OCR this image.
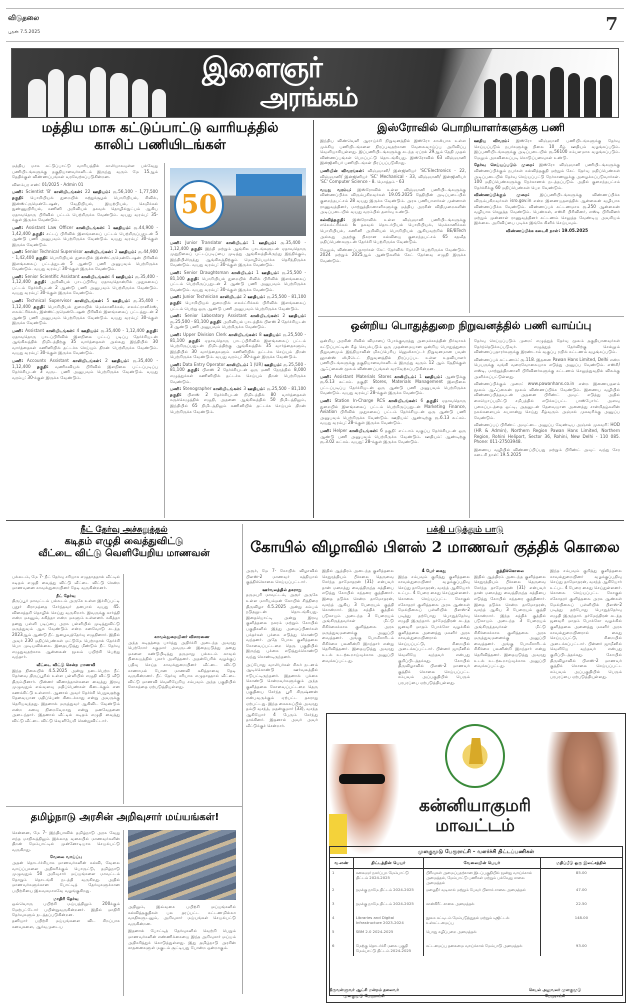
விடுதலை
புதன் 7.5.2025	7
இளைஞர்
அரங்கம்
மத்திய மாசு கட்டுப்பாட்டு வாரியத்தில்
காலிப் பணியிடங்கள்

மத்திய மாசு கட்டுப்பாட்டு வாரியத்தில் காலியாகவுள்ள பல்வேறு பணியிடங்களுக்கு தகுதியானவர்களிடம் இருந்து வரும் மே 15ஆம் தேதிக்குள் விண்ணப்பங்கள் வரவேற்கப்படுகின்றன.

விளம்பர எண்: 01/2025 - Admin 01

பணி: Scientist 'B' காலியிடங்கள்: 22 ஊதியம்: ரூ.56,100 - 1,77,500 தகுதி: பொறியியல் துறையில் சுற்றுச்சூழல் பொறியியல், சிவில், இன்ஸ்ட்ருமென்டேஷன், வேதியியல், இயற்பியல், கெமிக்கல் நுண்ணுயிரியல், கணினி அறிவியல் தகவல் தொழில்நுட்பம் ஆகிய ஏதாவதொரு பிரிவில் பட்டம் பெற்றிருக்க வேண்டும். வயது வரம்பு: 35-க்குள் இருக்க வேண்டும்.

பணி: Assistant Law Officer காலியிடங்கள்: 1 ஊதியம்: ரூ.44,900 - 1,42,400 தகுதி: சட்டப் பிரிவில் இளங்கலைப் பட்டம் பெற்றிருப்பதுடன் 5 ஆண்டு பணி அனுபவம் பெற்றிருக்க வேண்டும். வயது வரம்பு: 30-க்குள் இருக்க வேண்டும்.

பணி: Senior Technical Supervisor காலியிடங்கள்: 2 ஊதியம்: ரூ.44,900 - 1,42,400 தகுதி: பொறியியல் துறையில் இன்ஸ்ட்ருமென்டேஷன் பிரிவில் இளங்கலைப் பட்டத்துடன் 5 ஆண்டு பணி அனுபவம் பெற்றிருக்க வேண்டும். வயது வரம்பு: 30-க்குள் இருக்க வேண்டும்.

பணி: Senior Scientific Assistant காலியிடங்கள்: 4 ஊதியம்: ரூ.35,400 - 1,12,400 தகுதி: அறிவியல் பாடப்பிரிவு ஏதாவதொன்றில் முதுகலைப் பட்டம் தேர்ச்சியுடன் 2 ஆண்டு பணி அனுபவம் பெற்றிருக்க வேண்டும். வயது வரம்பு: 30-க்குள் இருக்க வேண்டும்.

பணி: Technical Supervisor காலியிடங்கள்: 5 ஊதியம்: ரூ.35,400 - 1,12,400 தகுதி: பொறியியல் துறையில் மெக்கானிக்கல், எலக்ட்ரானிக்ஸ், எலக்ட்ரிக்கல், இன்ஸ்ட்ருமென்டேஷன் பிரிவில் இளங்கலைப் பட்டத்துடன் 2 ஆண்டு பணி அனுபவம் பெற்றிருக்க வேண்டும். வயது வரம்பு: 30-க்குள் இருக்க வேண்டும்.

பணி: Assistant காலியிடங்கள்: 4 ஊதியம்: ரூ.35,400 - 1,12,400 தகுதி: ஏதாவதொரு பாடப்பிரிவில் இளநிலை பட்டப் படிப்பு தேர்ச்சியுடன் ஆங்கிலத்தில் நிமிடத்திற்கு 35 வார்த்தைகள் அல்லது இந்தியில் 30 வார்த்தைகள் கணினியில் தட்டச்சு செய்யும் திறன் பெற்றிருக்க வேண்டும். வயது வரம்பு: 30-க்குள் இருக்க வேண்டும்.

பணி: Accounts Assistant காலியிடங்கள்: 2 ஊதியம்: ரூ.35,400 - 1,12,400 தகுதி: வணிகவியல் பிரிவில் இளநிலை பட்டப்படிப்பு தேர்ச்சியுடன் 3 வருட பணி அனுபவம் பெற்றிருக்க வேண்டும். வயது வரம்பு: 30-க்குள் இருக்க வேண்டும்.

50

பணி: Junior Translator காலியிடம்: 1 ஊதியம்: ரூ.35,400 - 1,12,400 தகுதி: இந்தி மற்றும் ஆங்கில பாடங்களுடன் ஏதாவதொரு முதுநிலைப் பட்டப்படிப்பை முடித்து ஆங்கிலத்திலிருந்து இந்திக்கும், இந்தியிலிருந்து ஆங்கிலத்திற்கும் மொழிபெயர்க்க தெரிந்திருக்க வேண்டும். வயது வரம்பு: 30-க்குள் இருக்க வேண்டும்.

பணி: Senior Draughtsman காலியிடம்: 1 ஊதியம்: ரூ.25,500 - 81,100 தகுதி: பொறியியல் துறையில் சிவில் பிரிவில் இளங்கலைப் பட்டம் பெற்றிருப்பதுடன் 2 ஆண்டு பணி அனுபவம் பெற்றிருக்க வேண்டும். வயது வரம்பு: 30-க்குள் இருக்க வேண்டும்.

பணி: Junior Technician காலியிடம்: 2 ஊதியம்: ரூ.25,500 - 81,100 தகுதி: பொறியியல் துறையில் எலக்ட்ரிக்கல் பிரிவில் இளங்கலைப் பட்டம் பெற்று ஒரு ஆண்டு பணி அனுபவம் பெற்றிருக்க வேண்டும்.

பணி: Senior Laboratory Assistant காலியிடங்கள்: 2 ஊதியம்: ரூ.25,500 - 81,100 தகுதி: அறிவியல் பாடத்தில் பிளஸ் 2 தேர்ச்சியுடன் 3 ஆண்டு பணி அனுபவம் பெற்றிருக்க வேண்டும்.

பணி: Upper Division Clerk காலியிடங்கள்: 8 ஊதியம்: ரூ.25,500 - 81,100 தகுதி: ஏதாவதொரு பாடப்பிரிவில் இளங்கலைப் பட்டம் பெற்றிருப்பதுடன் நிமிடத்திற்கு ஆங்கிலத்தில் 35 வார்த்தைகளும், இந்தியில் 30 வார்த்தைகளும் கணினியில் தட்டச்சு செய்யும் திறன் பெற்றிருக்க வேண்டும். வயது வரம்பு: 30-க்குள் இருக்க வேண்டும்.

பணி: Data Entry Operator காலியிடம்: 1 (UR) ஊதியம்: ரூ.25,500 - 81,100 தகுதி: பிளஸ் 2 தேர்ச்சியுடன் ஒரு மணி நேரத்தில் 8,000 எழுத்துக்கள் கணினியில் தட்டச்சு செய்யும் திறன் பெற்றிருக்க வேண்டும்.

பணி: Stenographer காலியிடங்கள்: 3 ஊதியம்: ரூ.25,500 - 81,100 தகுதி: பிளஸ் 2 தேர்ச்சியுடன் நிமிடத்தில் 80 வார்த்தைகள் சுருக்கெழுத்தில் எழுதி, அதனை ஆங்கிலத்தில் 50 நிமிடத்திலும், இந்தியில் 65 நிமிடத்திலும் கணினியில் தட்டச்சு செய்யும் திறன் பெற்றிருக்க வேண்டும்.

இஸ்ரோவில் பொறியாளர்களுக்கு பணி

இந்திய விண்வெளி ஆராய்ச்சி நிறுவனத்தில் இஸ்ரோ காலியாக உள்ள முக்கிய பணியிடங்களை நிரப்புவதற்கான வேலைவாய்ப்பு அறிவிப்பு வெளியாகியுள்ளது. இப்பணியிடங்களுக்கு கடந்த ஏப்ரல் 29ஆம் தேதி முதல் விண்ணப்பங்கள் பெறப்பட்டு தொடங்கியது. இஸ்ரோவில் 63 விஞ்ஞானி இன்ஜினியர் பணியிடங்கள் நிரப்பப்படுகிறது.

பணியின் விவரங்கள்: விஞ்ஞானி/ இன்ஜினியர் 'SC'Electronics - 22, விஞ்ஞானி/ இன்ஜினியர் 'SC' Mechanical - 33, விஞ்ஞானி/ இன்ஜினியர் 'SC' Computer Science - 8. மொத்தம் - 63

வயது வரம்பு: இஸ்ரோவில் உள்ள விஞ்ஞானி பணியிடங்களுக்கு விண்ணப்பிக்க விரும்புகிறவர்கள் 19.05.2025 தேதியின் அடிப்படையில் குறைந்தபட்சம் 28 வயது இருக்க வேண்டும். அரசு பணியாளர்கள் முன்னாள் ராணுவத்தினர், மாற்றுத்திறனாளிகளுக்கு மத்திய அரசின் விதிமுறைகளின் அடிப்படையில் வயது வரம்பில் தளர்வு உண்டு.

கல்வித்தகுதி: இஸ்ரோவில் உள்ள விஞ்ஞானி பணியிடங்களுக்கு எலெக்ட்ரிக்கல் & தகவல் தொடர்பியல் பொறியியல், மெக்கானிக்கல் பொறியியல், கணினி அறிவியல் பொறியியல் ஆகியவற்றில் BE/BTech அல்லது அதற்கு நிகரான கல்வியை குறைந்தபட்சம் 65 சதவீத மதிப்பெண்களுடன் தேர்ச்சி பெற்றிருக்க வேண்டும்.

மேலும், விண்ணப்பதாரர்கள் கேட் தேர்வில் தேர்ச்சி பெற்றிருக்க வேண்டும். 2024 மற்றும் 2025ஆம் ஆண்டுகளில் கேட் தேர்வை எழுதி இருக்க வேண்டும்.

ஊதிய விவரம்: இஸ்ரோ விஞ்ஞானி பணியிடங்களுக்கு தேர்வு செய்யப்படும் நபர்களுக்கு நிலை 10 கீழ் ஊதியம் வழங்கப்படும். இப்பணியிடங்களுக்கு அடிப்படையில் ரூ.56100 சம்பளமாக வழங்கப்படும். மேலும் அகவிலைப்படி கொடுப்பனவுகள் உண்டு.

தேர்வு செய்யப்படும் முறை: இஸ்ரோ விஞ்ஞானி பணியிடங்களுக்கு விண்ணப்பிக்கும் நபர்கள் கல்வித்தகுதி மற்றும் கேட் தேர்வு மதிப்பெண்கள் அடிப்படையில் தேர்வு செய்யப்பட்டு நேர்காணலுக்கு அழைக்கப்படுவார்கள். 100 மதிப்பெண்களுக்கு நேர்காணல் நடத்தப்படும். அதில் குறைந்தபட்சம் தேர்ச்சிக்கு 60 மதிப்பெண்கள் பெற வேண்டும்.

விண்ணப்பிக்கும் முறை: இப்பணியிடங்களுக்கு விண்ணப்பிக்க விரும்புகிறவர்கள் isro.gov.in என்ற இணையதளத்தில் ஆன்லைன் வழியாக விண்ணப்பிக்க வேண்டும். விண்ணப்பக் கட்டணமாக ரூ.250 ஆன்லைன் வழியாக செலுத்த வேண்டும். பெண்கள், எஸ்சி பிரிவினர், எஸ்டி பிரிவினர் மற்றும் முன்னாள் ராணுவத்தினர் கட்டணம் செலுத்த வேண்டிய அவசியம் இல்லை. அறிவிப்பை படிக்க இங்கே கிளிக் செய்யவும்.

விண்ணப்பிக்க கடைசி நாள்: 19.05.2025

ஒன்றிய பொதுத்துறை நிறுவனத்தில் பணி வாய்ப்பு

ஒன்றிய அரசின் சிவில் விமானப் போக்குவரத்து அமைச்சகத்தின் நிர்வாகக் கட்டுப்பாட்டின் கீழ் செயல்படும் ஒரு முதன்மையான ஒன்றிய பொதுத்துறை நிறுவனமும் இந்தியாவின் மிகப்பெரிய ஹெலிகாப்டர் நிறுவனமான பவன் ஹான்ஸ் லிமிடெட் நிறுவனத்தில் நிரப்பப்பட உள்ள உதவியாளர் பணியிடங்களுக்கு தகுதியானவர்களிடம் இருந்து வரும் 12 ஆம் தேதிக்குள் ஆஃப்லைன் மூலம் விண்ணப்பங்கள் வரவேற்கப்படுகின்றன.

பணி: Assistant Materials Stores காலியிடம்: 1 ஊதியம்: ஆண்டுக்கு ரூ.6.13 லட்சம். தகுதி: Stores, Materials Management இளநிலை பட்டப்படிப்பு தேர்ச்சியுடன் ஒரு ஆண்டு பணி அனுபவம் பெற்றிருக்க வேண்டும். வயது வரம்பு: 28-க்குள் இருக்க வேண்டும்.

பணி: Station In-Charge RCS காலியிடங்கள்: 6 தகுதி: ஏதாவதொரு துறையில் இளங்கலைப் பட்டம் பெற்றிருப்பதுடன் Marketing Finance, Aviation பிரிவில் முதுகலைப் பட்டம் தேர்ச்சியுடன் ஒரு ஆண்டு பணி அனுபவம் பெற்றிருக்க வேண்டும். ஊதியம்: ஆண்டிற்கு ரூ.6.13 லட்சம். வயது வரம்பு: 28-க்குள் இருக்க வேண்டும்.

பணி: Helper காலியிடங்கள்: 6 தகுதி: எட்டாம் வகுப்பு தேர்ச்சியுடன் ஒரு ஆண்டு பணி அனுபவம் பெற்றிருக்க வேண்டும். ஊதியம்: ஆண்டிற்கு ரூ.3.02 லட்சம். வயது: 28-க்குள் இருக்க வேண்டும்.

தேர்வு செய்யப்படும் முறை: எழுத்துத் தேர்வு மூலம் தகுதியானவர்கள் தேர்ந்தெடுக்கப்படுவர். எழுத்துத் தேர்விற்கு செல்லும் விண்ணப்பதாரர்களுக்கு இரண்டாம் வகுப்பு ரயில் கட்டணம் வழங்கப்படும்.

விண்ணப்பக் கட்டணம்: ரூ.118. இதனை Pawan Hans Limited, Delhi என்ற பெயருக்கு வங்கி வரைவோலையாக எடுத்து அனுப்ப வேண்டும். எஸ்சி/எஸ்டி, மாற்றுத்திறனாளி பிரிவினர்களுக்கு கட்டணம் செலுத்துவதில் விலக்கு அளிக்கப்பட்டுள்ளது.

விண்ணப்பிக்கும் முறை: www.pawanhans.co.in என்ற இணையதளம் மூலம் ஆஃப்லைன் மூலம் விண்ணப்பிக்க வேண்டும். இணைய வழியில் விண்ணப்பித்தவுடன் அதனை பிரிண்ட் அவுட் எடுத்து அதில் கையொப்பமிட்டு சமீபத்தில் எடுக்கப்பட்ட பாஸ்போர்ட் அளவு புகைப்படத்தை ஒட்டி, அதனுடன் தேவையான அனைத்து சான்றிதழ்களின் நகல்களையும் சுயசான்று செய்து கீழ்வரும் அஞ்சல் முகவரிக்கு அனுப்ப வேண்டும்.

விண்ணப்பப் பிரிண்ட் அவுட்டை அனுப்ப வேண்டிய அஞ்சல் முகவரி: HOD (HR & Admin), Northern Region Pawan Hans Limited, Northern Region, Rohini Heliport, Sector 36, Rohini, New Delhi - 110 085. Phone: 011-27503948.

இணைய வழியில் விண்ணப்பிப்பது மற்றும் பிரிண்ட் அவுட் வந்து சேர கடைசி நாள்: 19.5.2025

நீட் தேர்வு அச்சுறுத்தல்
கடிதம் எழுதி வைத்துவிட்டு
வீட்டை விட்டு வெளியேறிய மாணவன்

பல்லடம், மே 7- நீட் தேர்வு சரியாக எழுதாததால் வீட்டில் கடிதம் எழுதி வைத்து விட்டு வீட்டை விட்டு சென்ற மாணவனை காவல்துறையினர் தேடி வருகின்றனர்.

நீட் தேர்வு

திருப்பூர் மாவட்டம் பல்லடம் அருகே உள்ள இச்சிப்பட்டி புதூர் கிராமத்தை சேர்ந்தவர் தனபால் வயது 45. விசைத்தறி தொழில் செய்து வருகிறார். இவருக்கு கார்த்தி என்ற மகனும், சுகித்தா என்ற மகளும் உள்ளனர். சுகித்தா தனது பள்ளி படிப்பை அரசு பள்ளியில் முடித்துவிட்டு மருத்துவம் ஆக வேண்டும் என்ற கனவோடு கடந்த 2023ஆம் ஆண்டு நீட் நுழைவுத்தேர்வு எழுதினார். இதில் அவர் 230 மதிப்பெண்கள் மட்டுமே பெற்றதால் தேர்ச்சி பெற முடியவில்லை. இதையடுத்து மீண்டும் நீட் தேர்வு எழுதுவதற்காக ஆன்லைன் மூலம் பயிற்சி பெற்று வந்தார்.

வீட்டை விட்டு சென்ற மாணவி

இந்த நிலையில் 4.5.2025 அன்று நடைபெற்ற நீட் தேர்வை திருப்பூரில் உள்ள பள்ளியில் எழுதி விட்டு வீடு திரும்பினார். பின்னர் வினாத்தாள்களை வைத்து இரவு முழுவதும் எவ்வளவு மதிப்பெண்கள் கிடைக்கும் என கணக்கிட்டு உள்ளார். ஆனால் அவர் தேர்ச்சி பெறுவதற்கு தேவையான மதிப்பெண் கிடைக்காது என்று அவருக்கு தெரியவந்தது. இதனால் மருத்துவர் ஆகிவிட வேண்டும் என்ற கனவு நிறைவேறாது என்று மனவேதனை அடைந்தார். இதனால் வீட்டில் கடிதம் எழுதி வைத்து விட்டு வீட்டை விட்டு வெளியேறி சென்றுவிட்டார்.

காவல்துறையினர் விசாரணை

அந்த கடிதத்தை பார்த்து அதிர்ச்சி அடைந்த அவரது பெற்றோர் சுகுமார் அவருடன் இதையடுத்து தனது மகளை கண்டுபிடித்து தருமாறு பல்லடம் காவல் நிலையத்தில் புகார் அளித்தனர். அதன்பேரில் வழக்குப் பதிவு செய்த காவல்துறையினர் வீட்டை விட்டு காணாமல் போன மாணவி சுகித்தாவை தேடி வருகின்றனர். நீட் தேர்வு சரியாக எழுதாததால் வீட்டை விட்டு மாணவி வெளியேறிய சம்பவம் அந்த பகுதியில் சோகத்தை ஏற்படுத்தியுள்ளது.

தமிழ்நாடு அரசின் அறிவுசார் மய்யங்கள்!

சென்னை, மே 7- இந்தியாவில் தமிழ்நாடு அரசு வேறு எந்த மாநிலத்திலும் இல்லாத வகையில் மாணவர்களின் திறன் மேம்பாட்டில் முன்னோடியாக செயல்பட்டு வருகிறது.

வேலை வாய்ப்பு

அதன் தொடர்ச்சியாக மாணவர்களின் கல்வி, வேலை வாய்ப்புகளை அதிகரிக்கும் பொருட்டு, தமிழ்நாடு முழுவதும் 50 அறிவுசார் மய்யங்களை மாவட்டம் தோறும் தொடங்கி நடத்தி வருகிறது. அதில் மாணவர்களுக்கான போட்டித் தேர்வுகளுக்கான பயிற்சியை இலவசமாகவே வழங்குகிறது.

மாதிரி தேர்வு

ஒவ்வொரு பயிற்சி மய்யத்திலும் 200க்கும் மேற்பட்டோர் பயின்றுவருகின்றனர். இதில் மாதிரி தேர்வுகளும் நடத்தப்படுகின்றன.

தனியார் பயிற்சி மய்யங்களை விட சிறப்பாக கனவுகளை, ஆர்வமுடைய

அதிலும், இவ்வகை பயிற்சி மய்யங்களில் கல்வித்தகுதிகள் பல தரப்பட்ட கட்டணமில்லா வசதிகளுடனும், அறிவுசார் மய்யங்கள் செயல்பட்டு வருகின்றன.

இதனால் போட்டித் தேர்வுகளில் வெற்றி பெறும் மாணவர்களின் எண்ணிக்கையை இந்த அறிவுசார் மய்யம் அதிகரித்துக் கொடுத்துள்ளது. இது தமிழ்நாடு அரசின் சாதனைகளுள் மகுடம் சூட்டியது போன்ற ஒன்றாகும்.

பக்தி படுத்தும் பாடு
கோயில் விழாவில் பிளஸ் 2 மாணவர் குத்திக் கொலை

அரூர், மே 7- கோயில் விழாவில் பிளஸ்-2 மாணவர் கத்தியால் குத்திக்கொலை செய்யப்பட்டார்.

ஊர்வலத்தில் தகராறு

தருமபுரி மாவட்டம், அரூர் அருகே உள்ள மாரியம்மன் கோயில் சித்திரை திருவிழா 4.5.2025 அன்று கம்பம் நடுதலுடன் தொடங்கியது. இதையொட்டி அன்று இரவு குளித்தலை நகரம் மற்றும் கோயில் பகுதிகளில் இந்து அமைப்பினர்கள் பக்தர்கள் புக்கை எடுத்து கொண்டு வந்தனர். அதே போல குளித்தலை கோவைப்பட்டறை தெரு பகுதியில் இருந்து புக்கை எடுத்துக்கொண்டு வந்து கொண்டிருந்தனர்.

அப்போது வாலிபர்கள் சிலர் நடனம் ஆடிக்கொண்டு ஊர்வலத்தில் ஈடுபட்டிருந்தனர். இதனால் புக்கை கொண்டு சென்றவர்களுக்கும் அந்த குளித்தலை கோவைப்பட்டறை தெரு பகுதியை சேர்ந்த பூரி கிருஷ்ணன் என்பவருக்கும் ஏற்பட்ட தகராறு ஏற்பட்டது. இந்த கைகலப்பில் அவரது தம்பி வசந்த், மதன்குமார் (33), வசந்த ஆகியோர் 4 பேரும் சேர்ந்து தாக்கினர். இதனால் அவர் அவர் வீட்டுக்குச் சென்றார்.

இதில் ஆத்திரம் அடைந்த குளித்தலை செதுரத்தியம் பீச்சலை தெருவை சேர்ந்த தாமோதரன் (31) என்பவர் தான் மறைத்து வைத்திருந்த கத்தியை எடுத்து கோயில் கந்தரை குத்தினார். இதை தடுக்க சென்ற தாமோதரன், வசந்த் ஆகிய 3 பேரையும் குத்தி கொன்றார். இந்த கத்திக் குத்தில் படுகாயம் அடைந்த 3 பேரையும் அங்கிருந்தவர்கள் மீட்டு சிகிச்சைக்காக குளித்தலை அரசு மருத்துவமனைக்கு அனுப்பி வைத்தனர். அங்கு போலீசாரிடம் சிகிச்சை பலனின்றி இறந்தார் என்று தெரிவித்தனர். இதையடுத்து அவரது உடல் உடற்கூறாய்வுக்காக அனுப்பி வைக்கப்பட்டது.

4 பேர் கைது

இந்த சம்பவம் குறித்து குளித்தலை காவல்துறையினர் வழக்குப்பதிவு செய்து தாமோதரன், வசந்த் ஆகியோர் உட்பட 4 பேரை கைது செய்துள்ளனர். கொலை செய்யப்பட்ட கோகுல் சகோதரர் குளித்தலை அரசு ஆண்கள் மேல்நிலைப் பள்ளியில் பிளஸ்-2 படித்து தற்போது பொதுத்தேர்வு எழுதி இருந்தார். தர்மேந்திரன் கடந்த ஜனவரி மாதம் போக்சோ வழக்கில் குளித்தலை அனைத்து மகளிர் அரசு காவல்துறையினரால் கைது செய்யப்பட்டு, சிறையில் அடைக்கப்பட்டார். பின்னர் ஜாமீனில் வெளியே வந்தவர் என்பது குறிப்பிடத்தக்கது. கோயில் திருவிழாவில் பிளஸ்-2 மாணவர் குத்திக் கொலை செய்யப்பட்ட சம்பவம் அப்பகுதியில் பெரும் பரபரப்பை ஏற்படுத்தியுள்ளது.

குத்திக்கொலை

இதில் ஆத்திரம் அடைந்த குளித்தலை செதுரத்தியம் பீச்சலை தெருவை சேர்ந்த தாமோதரன் (31) என்பவர் தான் மறைத்து வைத்திருந்த கத்தியை எடுத்து கோயில் கந்தரை குத்தினார். இதை தடுக்க சென்ற தாமோதரன், வசந்த் ஆகிய 3 பேரையும் குத்தி கொன்றார். இந்த கத்திக் குத்தில் படுகாயம் அடைந்த 3 பேரையும் அங்கிருந்தவர்கள் மீட்டு சிகிச்சைக்காக குளித்தலை அரசு மருத்துவமனைக்கு அனுப்பி வைத்தனர். அங்கு போலீசாரிடம் சிகிச்சை பலனின்றி இறந்தார் என்று தெரிவித்தனர். இதையடுத்து அவரது உடல் உடற்கூறாய்வுக்காக அனுப்பி வைக்கப்பட்டது.

இந்த சம்பவம் குறித்து குளித்தலை காவல்துறையினர் வழக்குப்பதிவு செய்து தாமோதரன், வசந்த் ஆகியோர் உட்பட 4 பேரை கைது செய்துள்ளனர். கொலை செய்யப்பட்ட கோகுல் சகோதரர் குளித்தலை அரசு ஆண்கள் மேல்நிலைப் பள்ளியில் பிளஸ்-2 படித்து தற்போது பொதுத்தேர்வு எழுதி இருந்தார். தர்மேந்திரன் கடந்த ஜனவரி மாதம் போக்சோ வழக்கில் குளித்தலை அனைத்து மகளிர் அரசு காவல்துறையினரால் கைது செய்யப்பட்டு, சிறையில் அடைக்கப்பட்டார். பின்னர் ஜாமீனில் வெளியே வந்தவர் என்பது குறிப்பிடத்தக்கது. கோயில் திருவிழாவில் பிளஸ்-2 மாணவர் குத்திக் கொலை செய்யப்பட்ட சம்பவம் அப்பகுதியில் பெரும் பரபரப்பை ஏற்படுத்தியுள்ளது.

கன்னியாகுமரி
மாவட்டம்
முளகுமூடு பேரூராட்சி – வளர்ச்சி திட்டப்பணிகள்
வ.எண்	திட்டத்தின் பெயர்	வேலையின் பெயர்	மதிப்பீடு ஒரு இலட்சத்தில்
1	கலைஞர் நகர்ப்புற மேம்பாட்டு திட்டம் 2024-2025	பிரிவுகள் அமைப்பதற்கான இடப்பகுதியில் மூன்று வாய்க்கால் அமைத்தல், மேம்பாட்டு பணிகள் மற்றும் பல்வேறு சாலை அமைத்தல்	85.00
2	நமக்கு நாமே திட்டம் 2024-2025	மழைநீர் வடிகால் மற்றும் பேவர் பிளாக் சாலை அமைத்தல்	47.00
3	நமக்கு நாமே திட்டம் 2024-2025	கான்கிரீட் சாலை அமைத்தல்	22.50
4	Libraries and Digital Infrastructure 2023-2024	நூலக கட்டிடம் மேம்படுத்துதல் மற்றும் டிஜிட்டல் உள்கட்டமைப்பு	148.00
5	SBM 2.0 2024-2025	பொது கழிப்பறை அமைத்தல்	
6	மேற்கு தொடர்ச்சி மலை பகுதி மேம்பாட்டு திட்டம் 2024-2025	கட்டமைப்பு தலைமை வாய்க்கால் மேம்பாடு அமைத்தல்	93.00
திருவள்ளுவர் ஆட்சி மன்றம் தலைவர் முளகுமூடு பேரூராட்சி
செயல் அலுவலர் முளகுமூடு பேரூராட்சி
